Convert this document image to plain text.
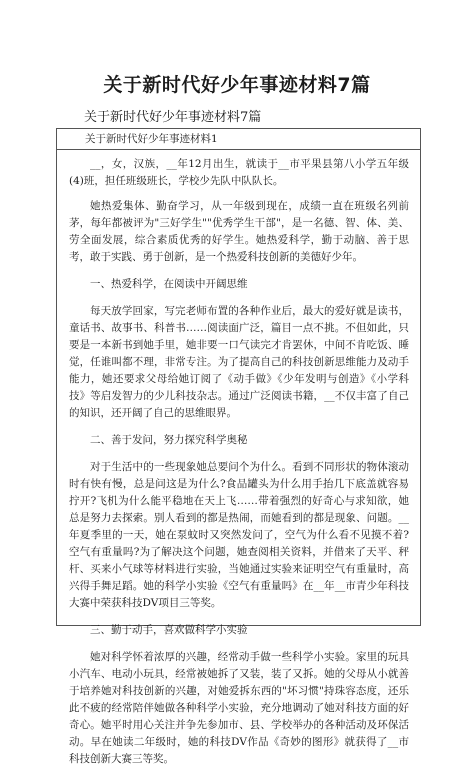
关于新时代好少年事迹材料7篇
关于新时代好少年事迹材料7篇
关于新时代好少年事迹材料1

__，女，汉族，__年12月出生，就读于__市平果县第八小学五年级(4)班，担任班级班长，学校少先队中队队长。

她热爱集体、勤奋学习，从一年级到现在，成绩一直在班级名列前茅，每年都被评为"三好学生""优秀学生干部"，是一名德、智、体、美、劳全面发展，综合素质优秀的好学生。她热爱科学，勤于动脑、善于思考，敢于实践、勇于创新，是一个热爱科技创新的美德好少年。

一、热爱科学，在阅读中开阔思维

每天放学回家，写完老师布置的各种作业后，最大的爱好就是读书，童话书、故事书、科普书……阅读面广泛，篇目一点不挑。不但如此，只要是一本新书到她手里，她非要一口气读完才肯罢休，中间不肯吃饭、睡觉，任谁叫都不理，非常专注。为了提高自己的科技创新思维能力及动手能力，她还要求父母给她订阅了《动手做》《少年发明与创造》《小学科技》等启发智力的少儿科技杂志。通过广泛阅读书籍，__不仅丰富了自己的知识，还开阔了自己的思维眼界。

二、善于发问，努力探究科学奥秘

对于生活中的一些现象她总要问个为什么。看到不同形状的物体滚动时有快有慢，总是问这是为什么?食品罐头为什么用手抬几下底盖就容易拧开?飞机为什么能平稳地在天上飞……带着强烈的好奇心与求知欲，她总是努力去探索。别人看到的都是热闹，而她看到的都是现象、问题。__年夏季里的一天，她在泵蚊时又突然发问了，空气为什么看不见摸不着?空气有重量吗?为了解决这个问题，她查阅相关资料，并借来了天平、秤杆、买来小气球等材料进行实验，当她通过实验来证明空气有重量时，高兴得手舞足蹈。她的科学小实验《空气有重量吗》在__年__市青少年科技大赛中荣获科技DV项目三等奖。

三、勤于动手，喜欢做科学小实验

她对科学怀着浓厚的兴趣，经常动手做一些科学小实验。家里的玩具小汽车、电动小玩具，经常被她拆了又装，装了又拆。她的父母从小就善于培养她对科技创新的兴趣，对她爱拆东西的"坏习惯"持珠容态度，还乐此不疲的经常陪伴她做各种科学小实验，充分地调动了她对科技方面的好奇心。她平时用心关注并争先参加市、县、学校举办的各种活动及环保活动。早在她读二年级时，她的科技DV作品《奇妙的图形》就获得了__市科技创新大赛三等奖。
